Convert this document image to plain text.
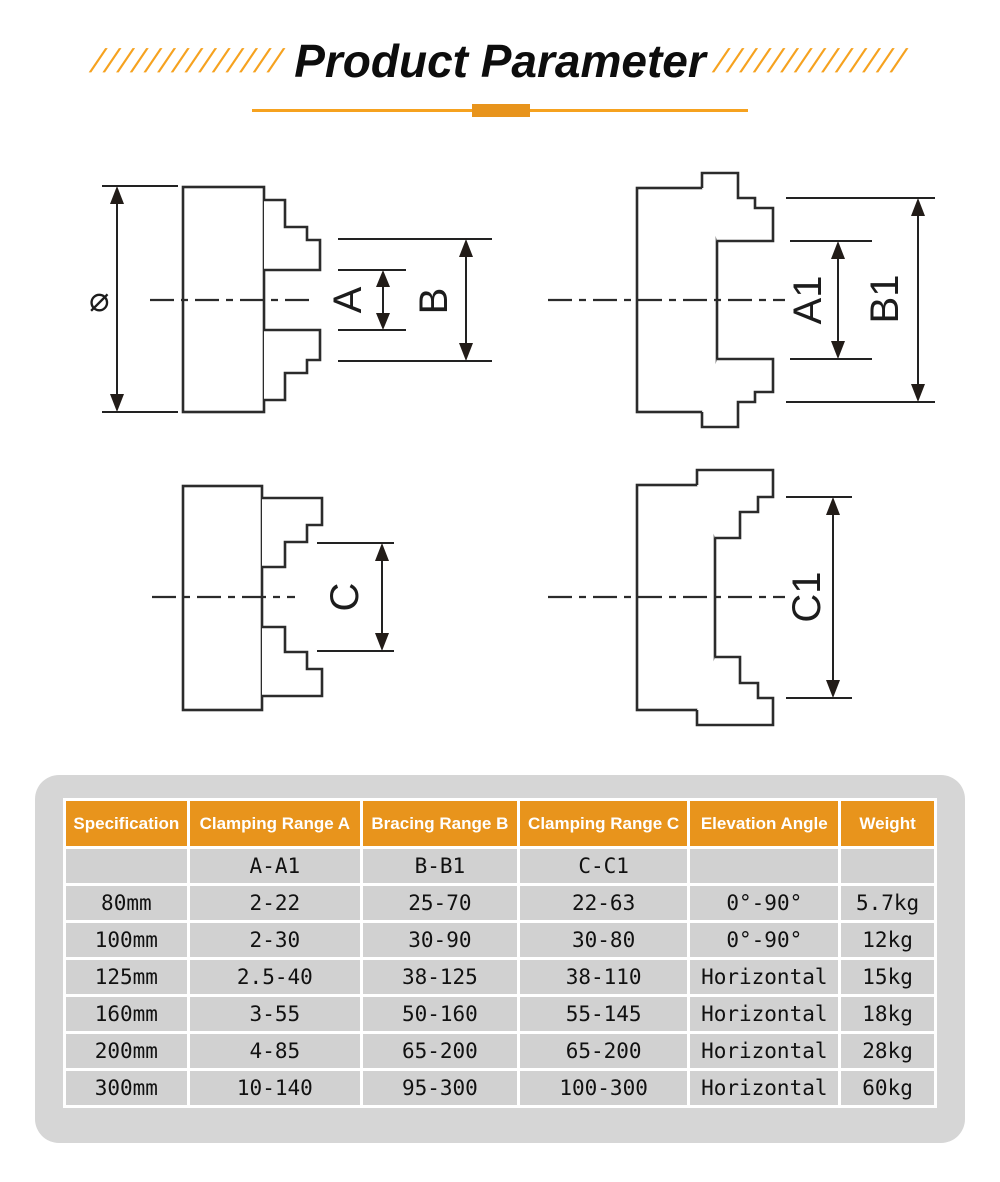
////////////// Product Parameter //////////////
⌀	A B	A1 B1
C	C1
Specification	Clamping Range A	Bracing Range B	Clamping Range C	Elevation Angle	Weight
	A-A1	B-B1	C-C1		
80mm	2-22	25-70	22-63	0°-90°	5.7kg
100mm	2-30	30-90	30-80	0°-90°	12kg
125mm	2.5-40	38-125	38-110	Horizontal	15kg
160mm	3-55	50-160	55-145	Horizontal	18kg
200mm	4-85	65-200	65-200	Horizontal	28kg
300mm	10-140	95-300	100-300	Horizontal	60kg
